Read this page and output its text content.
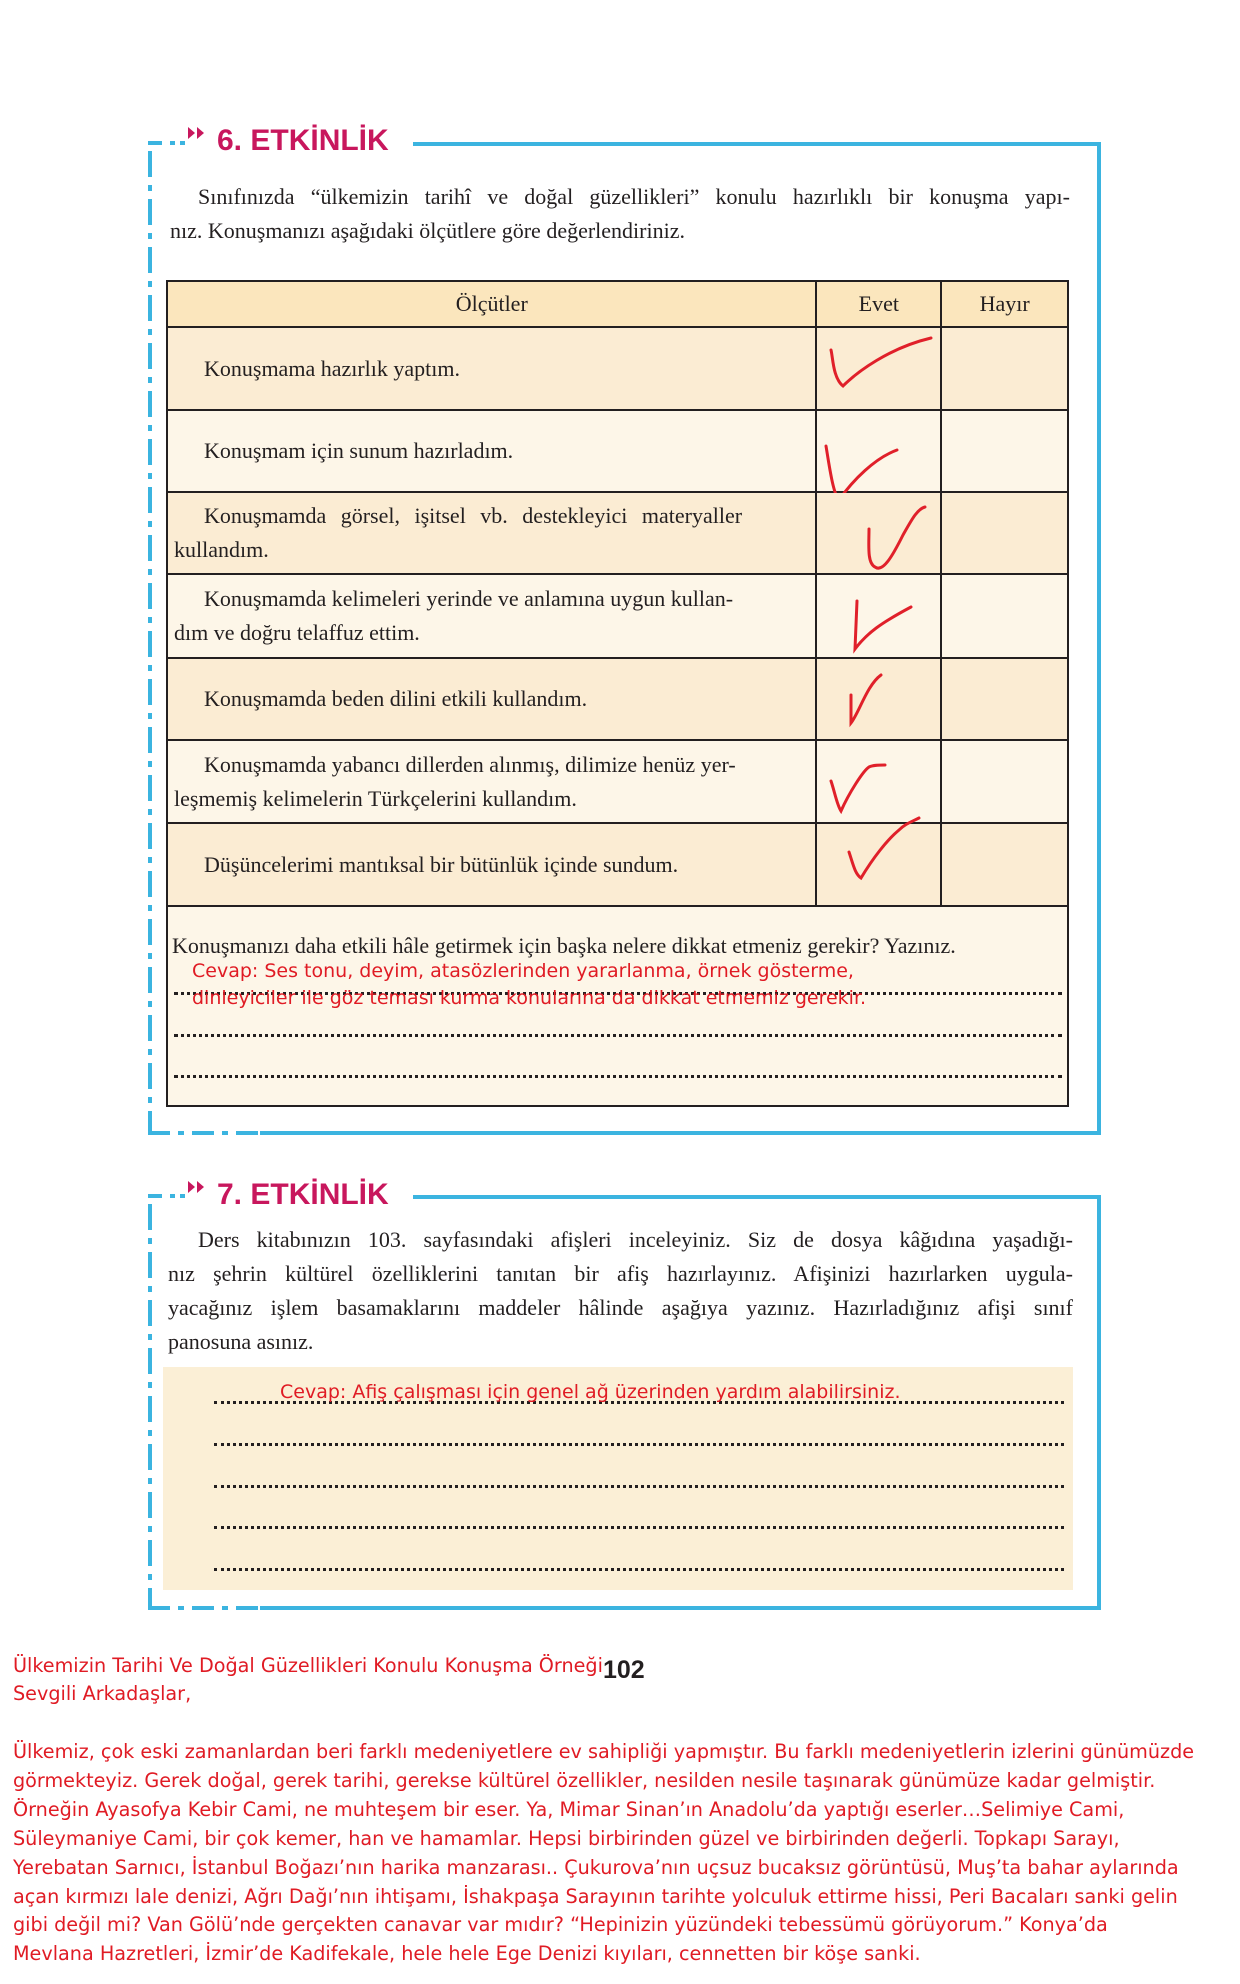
6. ETKİNLİK
Sınıfınızda “ülkemizin tarihî ve doğal güzellikleri” konulu hazırlıklı bir konuşma yapı-
nız. Konuşmanızı aşağıdaki ölçütlere göre değerlendiriniz.
Ölçütler	Evet	Hayır
Konuşmama hazırlık yaptım.	

Konuşmam için sunum hazırladım.	

Konuşmamda görsel, işitsel vb. destekleyici materyaller
kullandım.

Konuşmamda kelimeleri yerinde ve anlamına uygun kullan-
dım ve doğru telaffuz ettim.

Konuşmamda beden dilini etkili kullandım.	

Konuşmamda yabancı dillerden alınmış, dilimize henüz yer-
leşmemiş kelimelerin Türkçelerini kullandım.

Düşüncelerimi mantıksal bir bütünlük içinde sundum.	

Konuşmanızı daha etkili hâle getirmek için başka nelere dikkat etmeniz gerekir? Yazınız.
Cevap: Ses tonu, deyim, atasözlerinden yararlanma, örnek gösterme,
dinleyiciler ile göz teması kurma konularına da dikkat etmemiz gerekir.		
7. ETKİNLİK
Ders kitabınızın 103. sayfasındaki afişleri inceleyiniz. Siz de dosya kâğıdına yaşadığı-
nız şehrin kültürel özelliklerini tanıtan bir afiş hazırlayınız. Afişinizi hazırlarken uygula-
yacağınız işlem basamaklarını maddeler hâlinde aşağıya yazınız. Hazırladığınız afişi sınıf
panosuna asınız.
Cevap: Afiş çalışması için genel ağ üzerinden yardım alabilirsiniz.
Ülkemizin Tarihi Ve Doğal Güzellikleri Konulu Konuşma Örneği 102
Sevgili Arkadaşlar,
Ülkemiz, çok eski zamanlardan beri farklı medeniyetlere ev sahipliği yapmıştır. Bu farklı medeniyetlerin izlerini günümüzde
görmekteyiz. Gerek doğal, gerek tarihi, gerekse kültürel özellikler, nesilden nesile taşınarak günümüze kadar gelmiştir.
Örneğin Ayasofya Kebir Cami, ne muhteşem bir eser. Ya, Mimar Sinan’ın Anadolu’da yaptığı eserler…Selimiye Cami,
Süleymaniye Cami, bir çok kemer, han ve hamamlar. Hepsi birbirinden güzel ve birbirinden değerli. Topkapı Sarayı,
Yerebatan Sarnıcı, İstanbul Boğazı’nın harika manzarası.. Çukurova’nın uçsuz bucaksız görüntüsü, Muş’ta bahar aylarında
açan kırmızı lale denizi, Ağrı Dağı’nın ihtişamı, İshakpaşa Sarayının tarihte yolculuk ettirme hissi, Peri Bacaları sanki gelin
gibi değil mi? Van Gölü’nde gerçekten canavar var mıdır? “Hepinizin yüzündeki tebessümü görüyorum.” Konya’da
Mevlana Hazretleri, İzmir’de Kadifekale, hele hele Ege Denizi kıyıları, cennetten bir köşe sanki.
